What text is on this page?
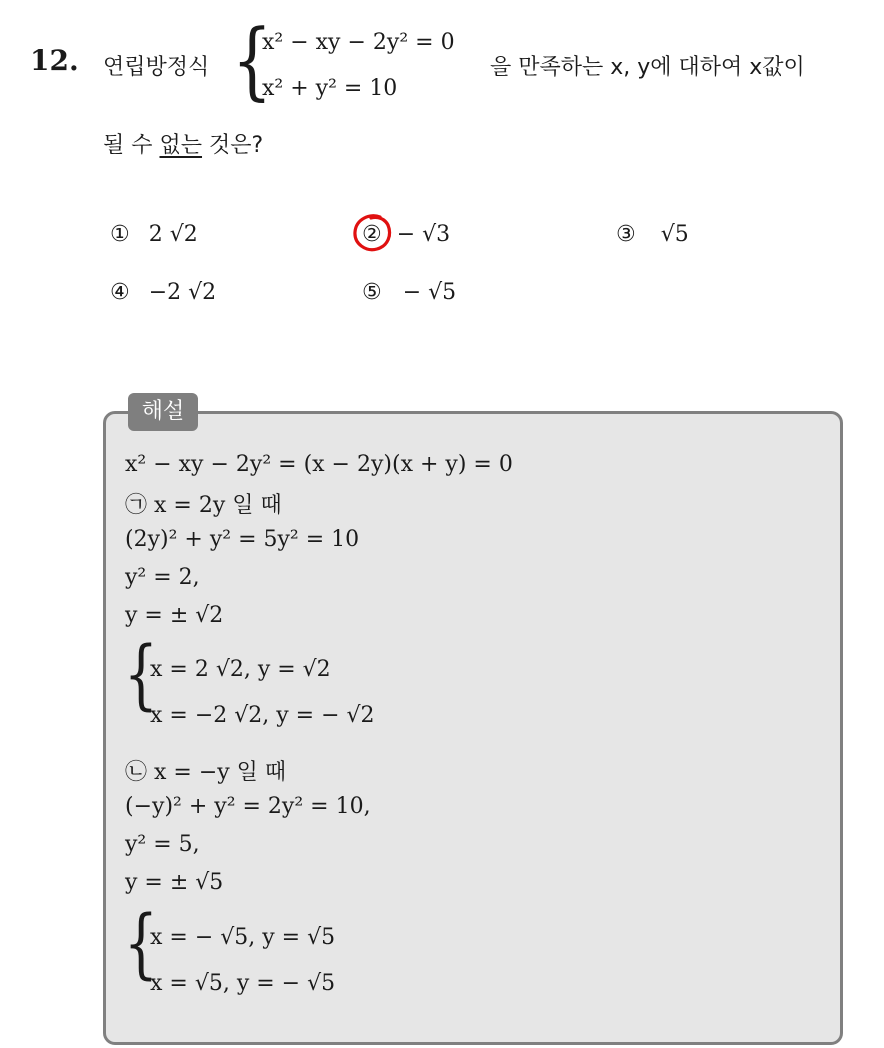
12. 연립방정식 {
x² − xy − 2y² = 0
x² + y² = 10
을 만족하는 x, y에 대하여 x값이
될 수 없는 것은?
① 2 √2	② − √3	③ √5
④ −2 √2	⑤ − √5
해설
x² − xy − 2y² = (x − 2y)(x + y) = 0
㉠ x = 2y 일 때
(2y)² + y² = 5y² = 10
y² = 2,
y = ± √2
{
x = 2 √2, y = √2
x = −2 √2, y = − √2
㉡ x = −y 일 때
(−y)² + y² = 2y² = 10,
y² = 5,
y = ± √5
{
x = − √5, y = √5
x = √5, y = − √5
